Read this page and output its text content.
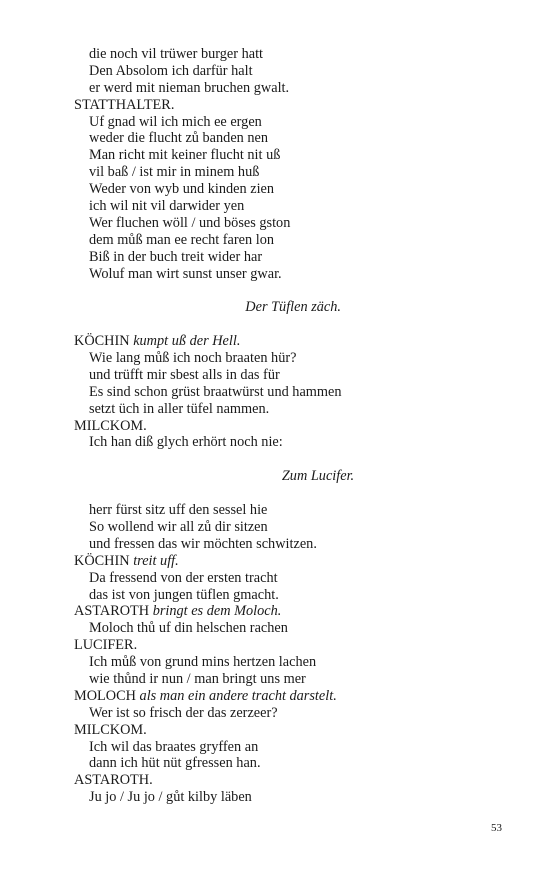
die noch vil trüwer burger hatt
Den Absolom ich darfür halt
er werd mit nieman bruchen gwalt.
STATTHALTER.
Uf gnad wil ich mich ee ergen
weder die flucht zů banden nen
Man richt mit keiner flucht nit uß
vil baß / ist mir in minem huß
Weder von wyb und kinden zien
ich wil nit vil darwider yen
Wer fluchen wöll / und böses gston
dem můß man ee recht faren lon
Biß in der buch treit wider har
Woluf man wirt sunst unser gwar.
Der Tüflen zäch.
KÖCHIN kumpt uß der Hell.
Wie lang můß ich noch braaten hür?
und trüfft mir sbest alls in das für
Es sind schon grüst braatwürst und hammen
setzt üch in aller tüfel nammen.
MILCKOM.
Ich han diß glych erhört noch nie:
Zum Lucifer.
herr fürst sitz uff den sessel hie
So wollend wir all zů dir sitzen
und fressen das wir möchten schwitzen.
KÖCHIN treit uff.
Da fressend von der ersten tracht
das ist von jungen tüflen gmacht.
ASTAROTH bringt es dem Moloch.
Moloch thů uf din helschen rachen
LUCIFER.
Ich můß von grund mins hertzen lachen
wie thůnd ir nun / man bringt uns mer
MOLOCH als man ein andere tracht darstelt.
Wer ist so frisch der das zerzeer?
MILCKOM.
Ich wil das braates gryffen an
dann ich hüt nüt gfressen han.
ASTAROTH.
Ju jo / Ju jo / gůt kilby läben
53
